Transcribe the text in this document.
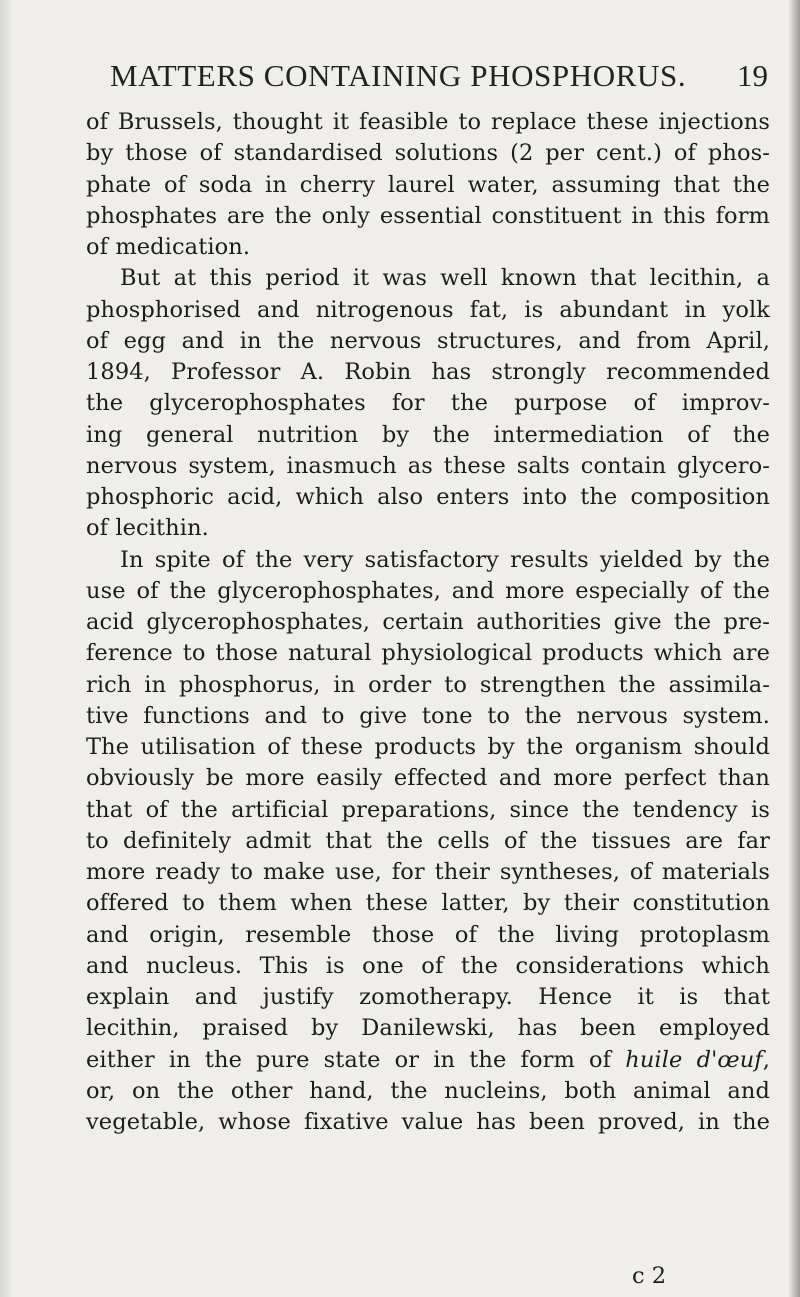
MATTERS CONTAINING PHOSPHORUS. 19
of Brussels, thought it feasible to replace these injections
by those of standardised solutions (2 per cent.) of phos-
phate of soda in cherry laurel water, assuming that the
phosphates are the only essential constituent in this form
of medication.
But at this period it was well known that lecithin, a
phosphorised and nitrogenous fat, is abundant in yolk
of egg and in the nervous structures, and from April,
1894, Professor A. Robin has strongly recommended
the glycerophosphates for the purpose of improv-
ing general nutrition by the intermediation of the
nervous system, inasmuch as these salts contain glycero-
phosphoric acid, which also enters into the composition
of lecithin.
In spite of the very satisfactory results yielded by the
use of the glycerophosphates, and more especially of the
acid glycerophosphates, certain authorities give the pre-
ference to those natural physiological products which are
rich in phosphorus, in order to strengthen the assimila-
tive functions and to give tone to the nervous system.
The utilisation of these products by the organism should
obviously be more easily effected and more perfect than
that of the artificial preparations, since the tendency is
to definitely admit that the cells of the tissues are far
more ready to make use, for their syntheses, of materials
offered to them when these latter, by their constitution
and origin, resemble those of the living protoplasm
and nucleus. This is one of the considerations which
explain and justify zomotherapy. Hence it is that
lecithin, praised by Danilewski, has been employed
either in the pure state or in the form of huile d'œuf,
or, on the other hand, the nucleins, both animal and
vegetable, whose fixative value has been proved, in the
c 2
